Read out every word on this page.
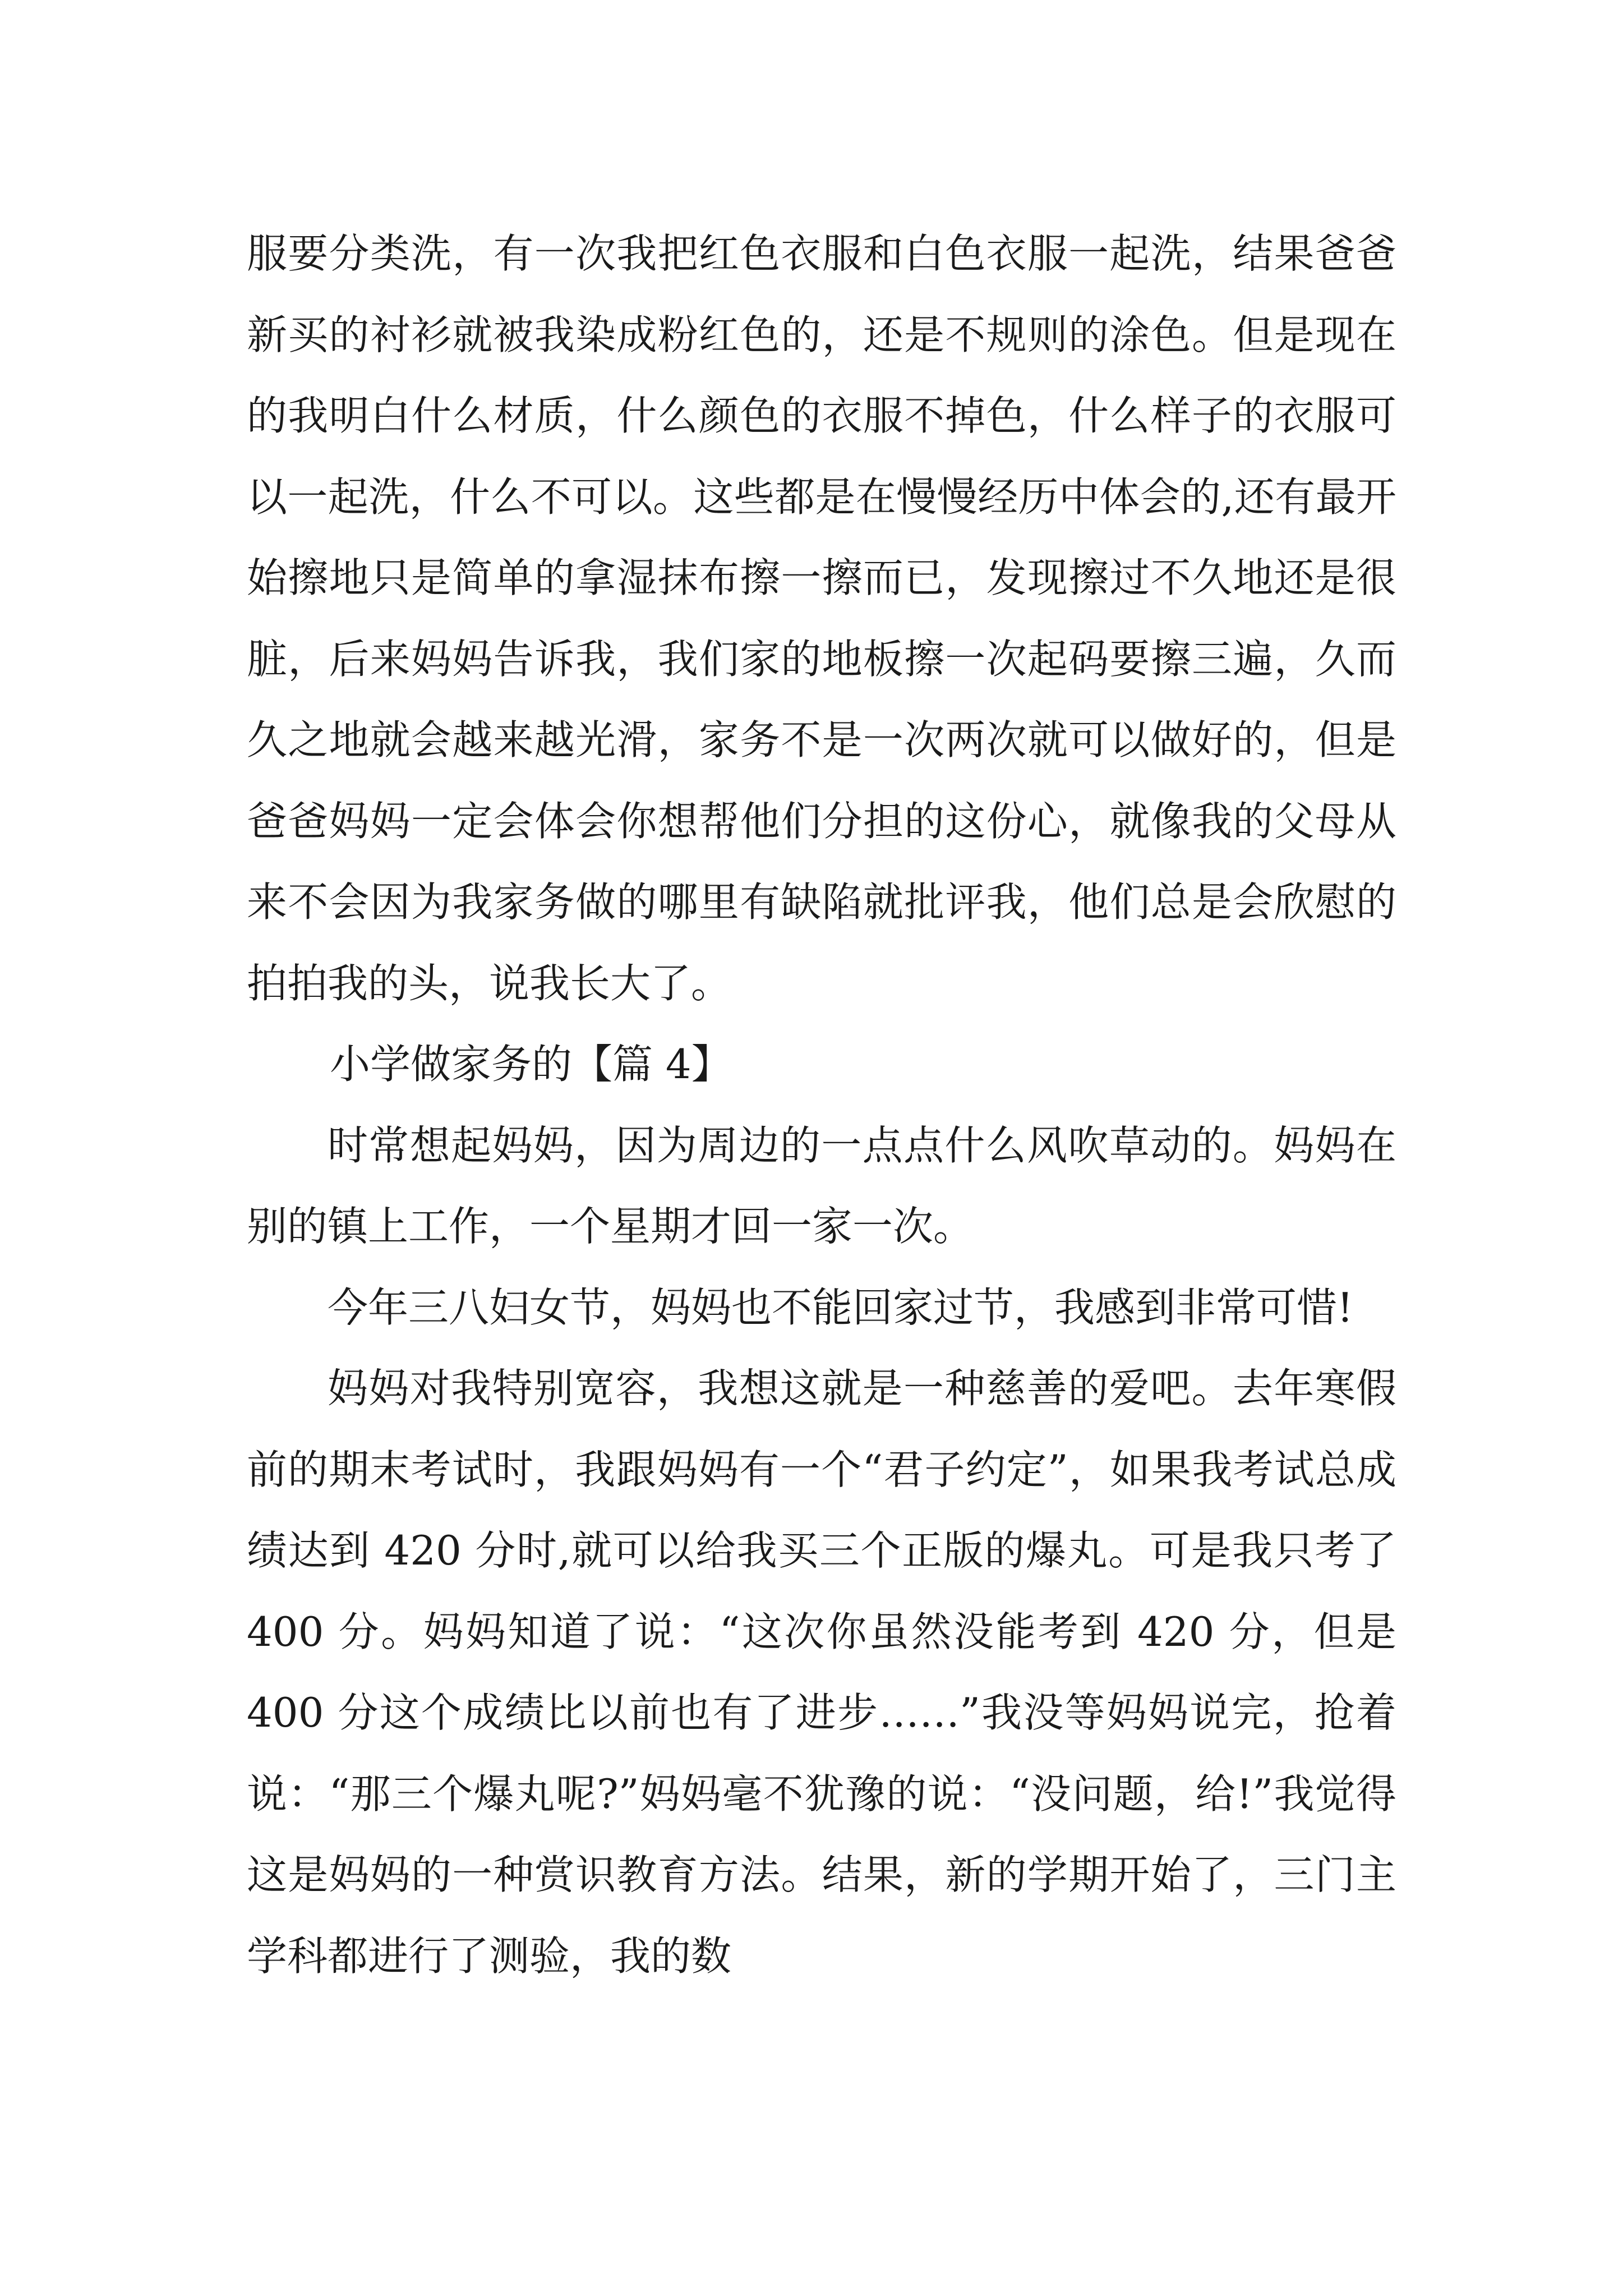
服要分类洗，有一次我把红色衣服和白色衣服一起洗，结果爸爸新买的衬衫就被我染成粉红色的，还是不规则的涂色。但是现在的我明白什么材质，什么颜色的衣服不掉色，什么样子的衣服可以一起洗，什么不可以。这些都是在慢慢经历中体会的,还有最开始擦地只是简单的拿湿抹布擦一擦而已，发现擦过不久地还是很脏，后来妈妈告诉我，我们家的地板擦一次起码要擦三遍，久而久之地就会越来越光滑，家务不是一次两次就可以做好的，但是爸爸妈妈一定会体会你想帮他们分担的这份心，就像我的父母从来不会因为我家务做的哪里有缺陷就批评我，他们总是会欣慰的拍拍我的头，说我长大了。

小学做家务的【篇 4】

时常想起妈妈，因为周边的一点点什么风吹草动的。妈妈在别的镇上工作，一个星期才回一家一次。

今年三八妇女节，妈妈也不能回家过节，我感到非常可惜!

妈妈对我特别宽容，我想这就是一种慈善的爱吧。去年寒假前的期末考试时，我跟妈妈有一个“君子约定”，如果我考试总成绩达到 420 分时,就可以给我买三个正版的爆丸。可是我只考了 400 分。妈妈知道了说：“这次你虽然没能考到 420 分，但是 400 分这个成绩比以前也有了进步……”我没等妈妈说完，抢着说：“那三个爆丸呢?”妈妈毫不犹豫的说：“没问题，给!”我觉得这是妈妈的一种赏识教育方法。结果，新的学期开始了，三门主学科都进行了测验，我的数
